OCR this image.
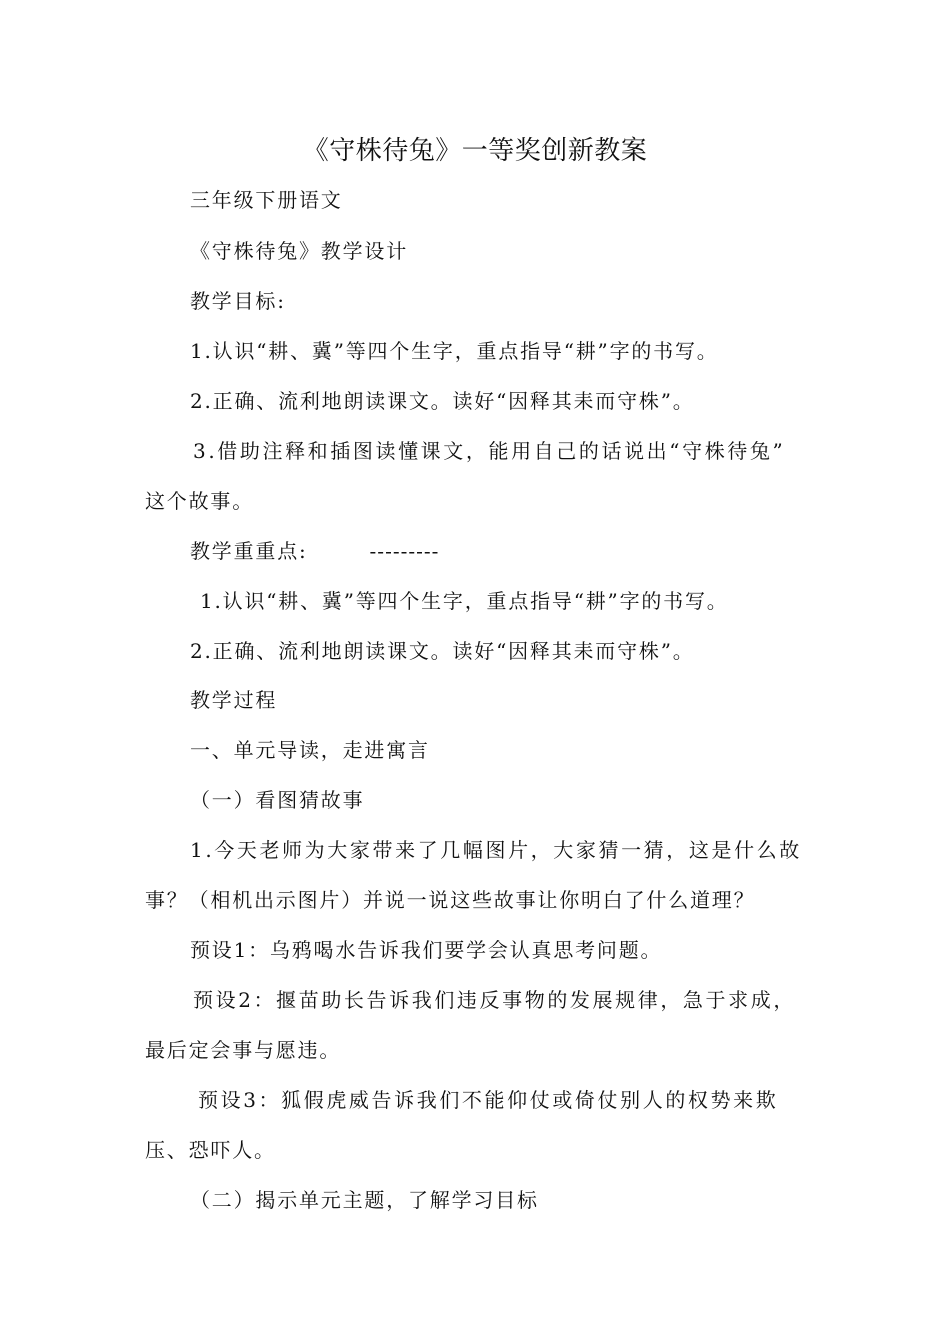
《守株待兔》一等奖创新教案
三年级下册语文
《守株待兔》教学设计
教学目标:
1.认识“耕、冀”等四个生字，重点指导“耕”字的书写。
2.正确、流利地朗读课文。读好“因释其耒而守株”。
3.借助注释和插图读懂课文，能用自己的话说出“守株待兔”
这个故事。
教学重重点:	---------
1.认识“耕、冀”等四个生字，重点指导“耕”字的书写。
2.正确、流利地朗读课文。读好“因释其耒而守株”。
教学过程
一、单元导读，走进寓言
（一）看图猜故事
1.今天老师为大家带来了几幅图片，大家猜一猜，这是什么故
事？（相机出示图片）并说一说这些故事让你明白了什么道理？
预设1：乌鸦喝水告诉我们要学会认真思考问题。
预设2：揠苗助长告诉我们违反事物的发展规律，急于求成，
最后定会事与愿违。
预设3：狐假虎威告诉我们不能仰仗或倚仗别人的权势来欺
压、恐吓人。
（二）揭示单元主题，了解学习目标
